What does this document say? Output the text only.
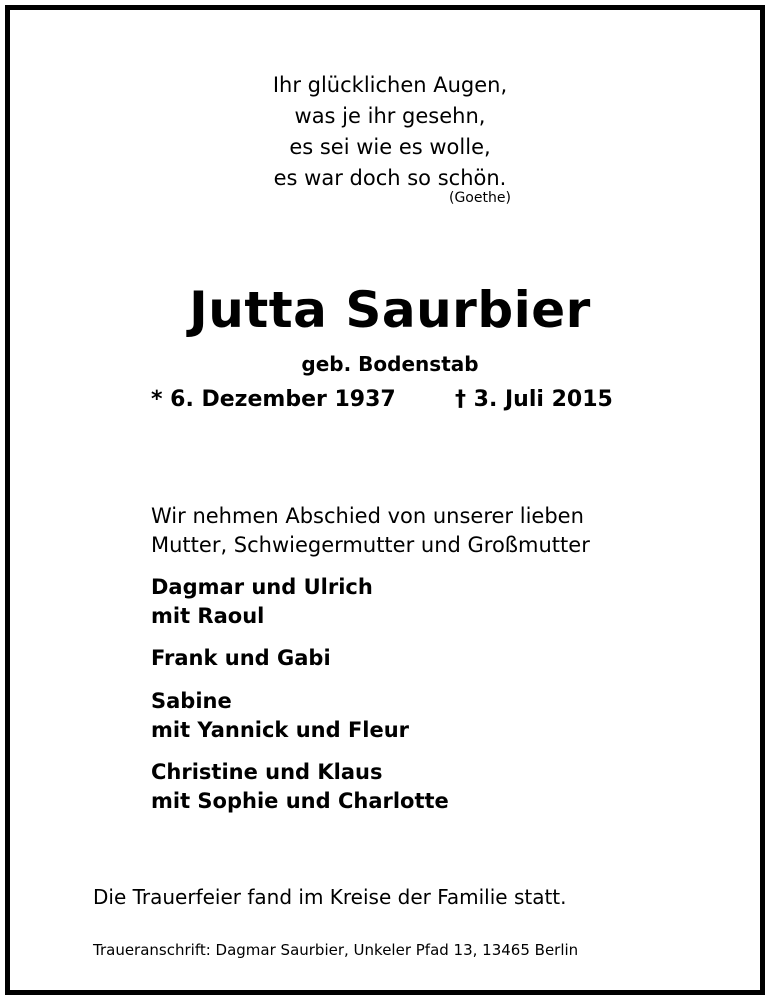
Ihr glücklichen Augen,
was je ihr gesehn,
es sei wie es wolle,
es war doch so schön.
(Goethe)
Jutta Saurbier
geb. Bodenstab
* 6. Dezember 1937	† 3. Juli 2015
Wir nehmen Abschied von unserer lieben
Mutter, Schwiegermutter und Großmutter
Dagmar und Ulrich
mit Raoul
Frank und Gabi
Sabine
mit Yannick und Fleur
Christine und Klaus
mit Sophie und Charlotte
Die Trauerfeier fand im Kreise der Familie statt.
Traueranschrift: Dagmar Saurbier, Unkeler Pfad 13, 13465 Berlin
